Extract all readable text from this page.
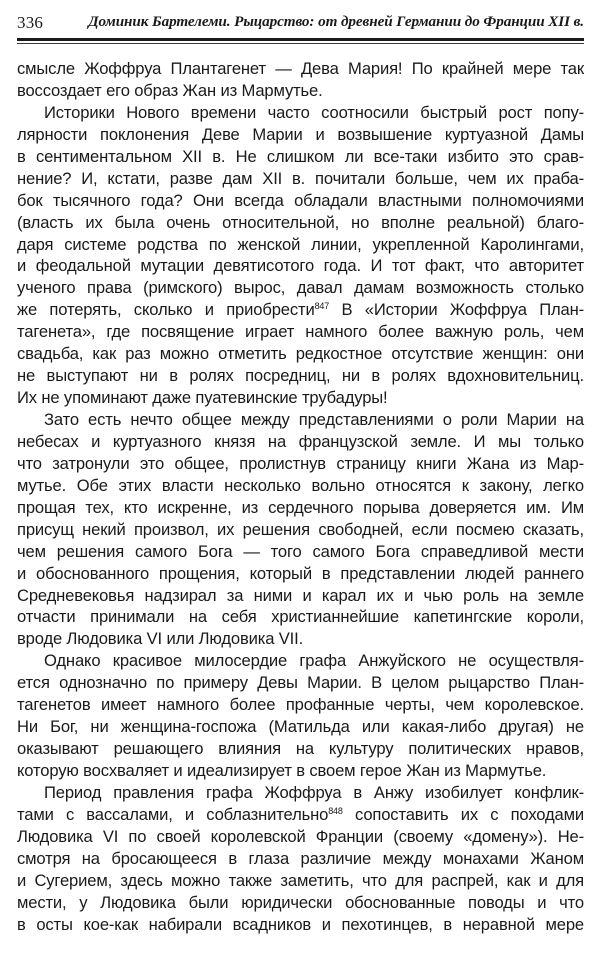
336	Доминик Бартелеми. Рыцарство: от древней Германии до Франции XII в.
смысле Жоффруа Плантагенет — Дева Мария! По крайней мере так
воссоздает его образ Жан из Мармутье.
Историки Нового времени часто соотносили быстрый рост попу-
лярности поклонения Деве Марии и возвышение куртуазной Дамы
в сентиментальном XII в. Не слишком ли все-таки избито это срав-
нение? И, кстати, разве дам XII в. почитали больше, чем их праба-
бок тысячного года? Они всегда обладали властными полномочиями
(власть их была очень относительной, но вполне реальной) благо-
даря системе родства по женской линии, укрепленной Каролингами,
и феодальной мутации девятисотого года. И тот факт, что авторитет
ученого права (римского) вырос, давал дамам возможность столько
же потерять, сколько и приобрести$^{847}$ В «Истории Жоффруа План-
тагенета», где посвящение играет намного более важную роль, чем
свадьба, как раз можно отметить редкостное отсутствие женщин: они
не выступают ни в ролях посредниц, ни в ролях вдохновительниц.
Их не упоминают даже пуатевинские трубадуры!
Зато есть нечто общее между представлениями о роли Марии на
небесах и куртуазного князя на французской земле. И мы только
что затронули это общее, пролистнув страницу книги Жана из Мар-
мутье. Обе этих власти несколько вольно относятся к закону, легко
прощая тех, кто искренне, из сердечного порыва доверяется им. Им
присущ некий произвол, их решения свободней, если посмею сказать,
чем решения самого Бога — того самого Бога справедливой мести
и обоснованного прощения, который в представлении людей раннего
Средневековья надзирал за ними и карал их и чью роль на земле
отчасти принимали на себя христианнейшие капетингские короли,
вроде Людовика VI или Людовика VII.
Однако красивое милосердие графа Анжуйского не осуществля-
ется однозначно по примеру Девы Марии. В целом рыцарство План-
тагенетов имеет намного более профанные черты, чем королевское.
Ни Бог, ни женщина-госпожа (Матильда или какая-либо другая) не
оказывают решающего влияния на культуру политических нравов,
которую восхваляет и идеализирует в своем герое Жан из Мармутье.
Период правления графа Жоффруа в Анжу изобилует конфлик-
тами с вассалами, и соблазнительно$^{848}$ сопоставить их с походами
Людовика VI по своей королевской Франции (своему «домену»). Не-
смотря на бросающееся в глаза различие между монахами Жаном
и Сугерием, здесь можно также заметить, что для распрей, как и для
мести, у Людовика были юридически обоснованные поводы и что
в осты кое-как набирали всадников и пехотинцев, в неравной мере
